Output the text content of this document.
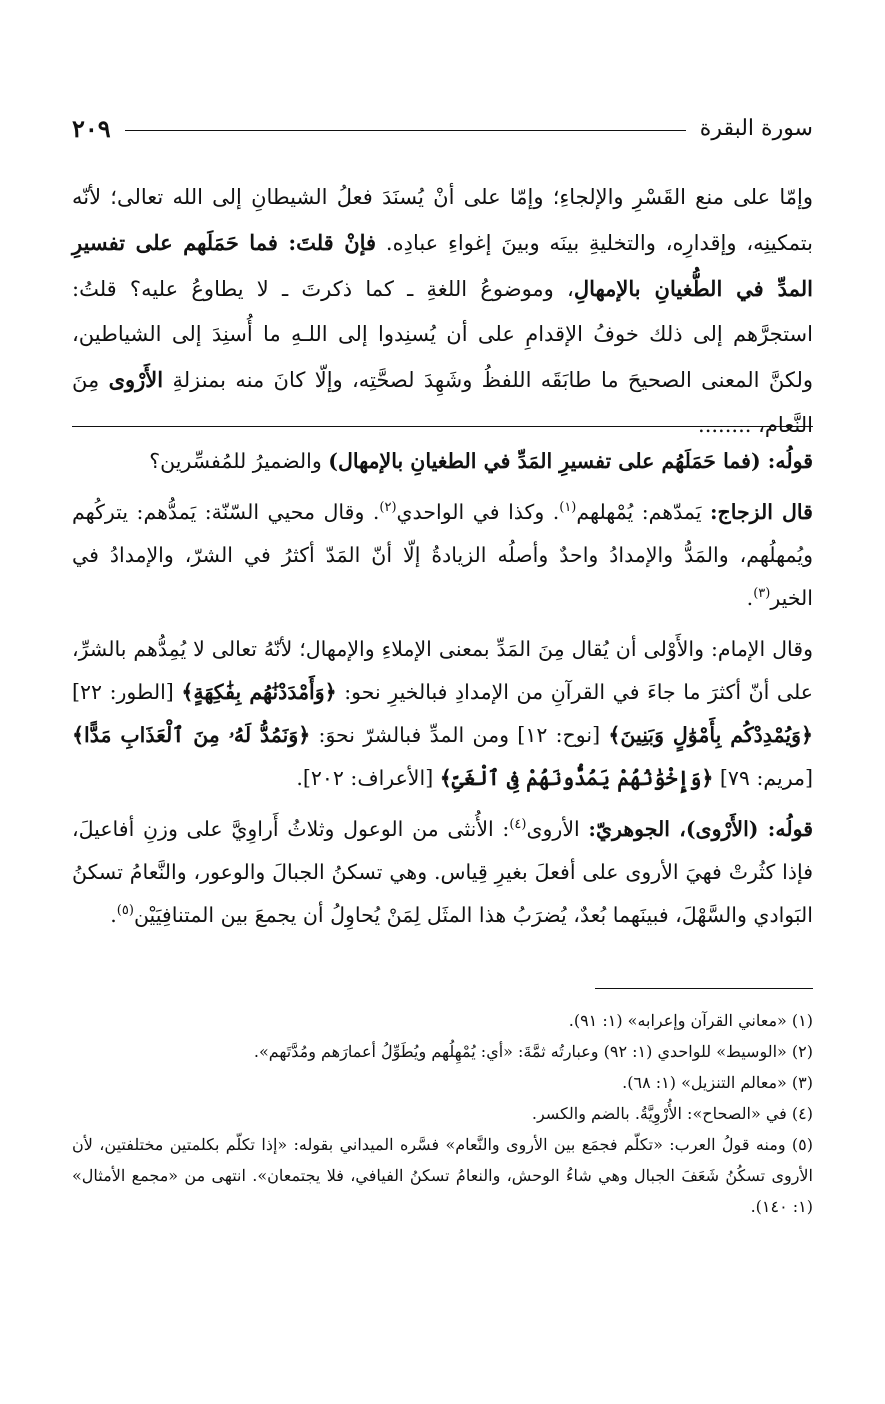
سورة البقرة
٢٠٩

وإمّا على منع القَسْرِ والإلجاءِ؛ وإمّا على أنْ يُسنَدَ فعلُ الشيطانِ إلى الله تعالى؛ لأنّه بتمكينِه، وإقدارِه، والتخليةِ بينَه وبينَ إغواءِ عبادِه. فإنْ قلتَ: فما حَمَلَهم على تفسيرِ المدِّ في الطُّغيانِ بالإمهالِ، وموضوعُ اللغةِ ـ كما ذكرتَ ـ لا يطاوعُ عليه؟ قلتُ: استجرَّهم إلى ذلك خوفُ الإقدامِ على أن يُسنِدوا إلى اللـهِ ما أُسنِدَ إلى الشياطين، ولكنَّ المعنى الصحيحَ ما طابَقَه اللفظُ وشَهِدَ لصحَّتِه، وإلّا كانَ منه بمنزلةِ الأَرْوى مِنَ النَّعام، ........

قولُه: (فما حَمَلَهُم على تفسيرِ المَدِّ في الطغيانِ بالإمهال) والضميرُ للمُفسِّرين؟

قال الزجاج: يَمدّهم: يُمْهلهم$^{(١)}$. وكذا في الواحدي$^{(٢)}$. وقال محيي السّنّة: يَمدُّهم: يتركُهم ويُمهلُهم، والمَدُّ والإمدادُ واحدٌ وأصلُه الزيادةُ إلّا أنّ المَدّ أكثرُ في الشرّ، والإمدادُ في الخير$^{(٣)}$.

وقال الإمام: والأَوْلى أن يُقال مِنَ المَدِّ بمعنى الإملاءِ والإمهال؛ لأنّهُ تعالى لا يُمِدُّهم بالشرِّ، على أنّ أكثرَ ما جاءَ في القرآنِ من الإمدادِ فبالخيرِ نحو: ﴿وَأَمْدَدْنَٰهُم بِفَٰكِهَةٍ﴾ [الطور: ٢٢] ﴿وَيُمْدِدْكُم بِأَمْوَٰلٍ وَبَنِينَ﴾ [نوح: ١٢] ومن المدِّ فبالشرّ نحوَ: ﴿وَنَمُدُّ لَهُۥ مِنَ ٱلْعَذَابِ مَدًّا﴾ [مريم: ٧٩] ﴿وَإِخْوَٰنُهُمْ يَمُدُّونَهُمْ فِى ٱلْغَىِّ﴾ [الأعراف: ٢٠٢].

قولُه: (الأَرْوى)، الجوهريّ: الأروى$^{(٤)}$: الأُنثى من الوعول وثلاثُ أَراوِيَّ على وزنِ أفاعيلَ، فإذا كثُرتْ فهيَ الأروى على أفعلَ بغيرِ قِياس. وهي تسكنُ الجبالَ والوعور، والنَّعامُ تسكنُ البَوادي والسَّهْلَ، فبينَهما بُعدٌ، يُضرَبُ هذا المثَل لِمَنْ يُحاوِلُ أن يجمعَ بين المتنافِيَيْن$^{(٥)}$.

(١) «معاني القرآن وإعرابه» (١: ٩١).

(٢) «الوسيط» للواحدي (١: ٩٢) وعبارتُه ثمَّةَ: «أي: يُمْهِلُهم ويُطَوِّلُ أعمارَهم ومُدَّتَهم».

(٣) «معالم التنزيل» (١: ٦٨).

(٤) في «الصحاح»: الأُرْوِيَّةُ. بالضم والكسر.

(٥) ومنه قولُ العرب: «تكلّم فجمَع بين الأروى والنَّعام» فسَّره الميداني بقوله: «إذا تكلّم بكلمتين مختلفتين، لأن الأروى تسكُنُ شَعَفَ الجبال وهي شاءُ الوحش، والنعامُ تسكنُ الفيافي، فلا يجتمعان». انتهى من «مجمع الأمثال» (١: ١٤٠).
